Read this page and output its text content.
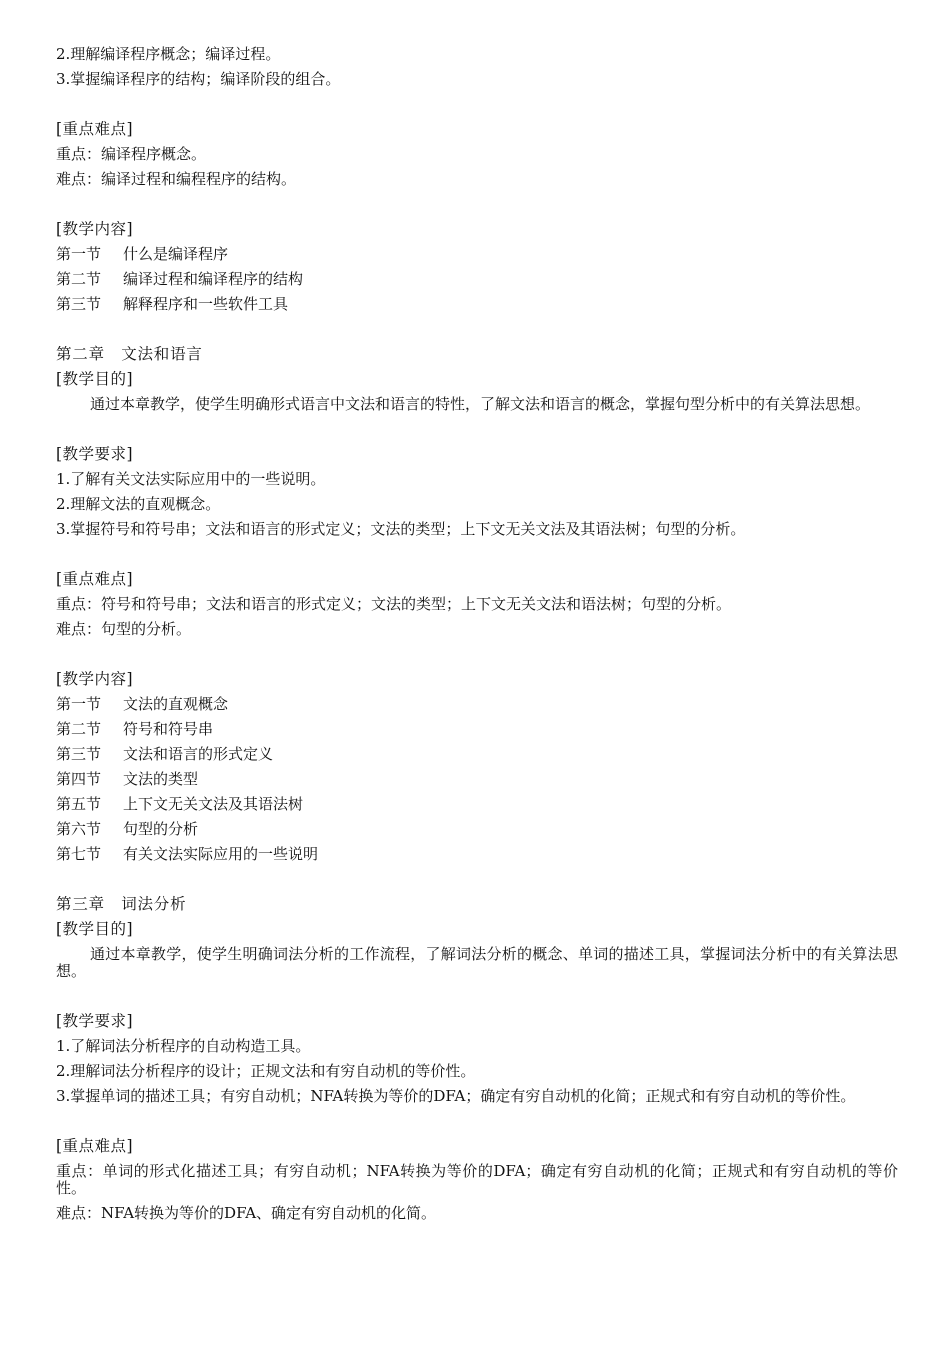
2.理解编译程序概念；编译过程。
3.掌握编译程序的结构；编译阶段的组合。
[重点难点]
重点：编译程序概念。
难点：编译过程和编程程序的结构。
[教学内容]
第一节 什么是编译程序
第二节 编译过程和编译程序的结构
第三节 解释程序和一些软件工具
第二章　文法和语言
[教学目的]
通过本章教学，使学生明确形式语言中文法和语言的特性，了解文法和语言的概念，掌握句型分析中的有关算法思想。
[教学要求]
1.了解有关文法实际应用中的一些说明。
2.理解文法的直观概念。
3.掌握符号和符号串；文法和语言的形式定义；文法的类型；上下文无关文法及其语法树；句型的分析。
[重点难点]
重点：符号和符号串；文法和语言的形式定义；文法的类型；上下文无关文法和语法树；句型的分析。
难点：句型的分析。
[教学内容]
第一节 文法的直观概念
第二节 符号和符号串
第三节 文法和语言的形式定义
第四节 文法的类型
第五节 上下文无关文法及其语法树
第六节 句型的分析
第七节 有关文法实际应用的一些说明
第三章　词法分析
[教学目的]
通过本章教学，使学生明确词法分析的工作流程，了解词法分析的概念、单词的描述工具，掌握词法分析中的有关算法思想。
[教学要求]
1.了解词法分析程序的自动构造工具。
2.理解词法分析程序的设计；正规文法和有穷自动机的等价性。
3.掌握单词的描述工具；有穷自动机；NFA转换为等价的DFA；确定有穷自动机的化简；正规式和有穷自动机的等价性。
[重点难点]
重点：单词的形式化描述工具；有穷自动机；NFA转换为等价的DFA；确定有穷自动机的化简；正规式和有穷自动机的等价性。
难点：NFA转换为等价的DFA、确定有穷自动机的化简。
